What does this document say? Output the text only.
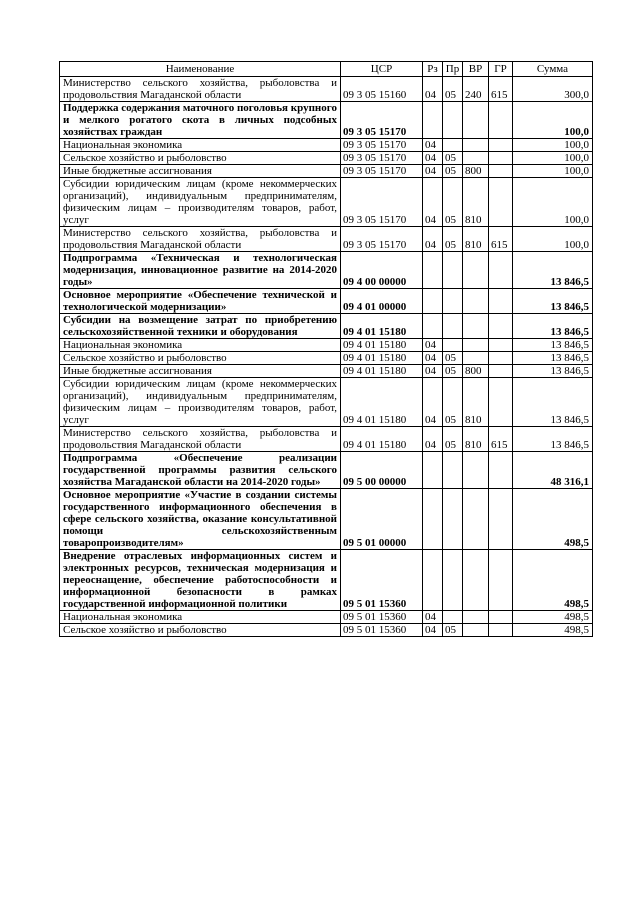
Наименование	ЦСР	Рз	Пр	ВР	ГР	Сумма
Министерство сельского хозяйства, рыболовства и продовольствия Магаданской области	09 3 05 15160	04	05	240	615	300,0
Поддержка содержания маточного поголовья крупного и мелкого рогатого скота в личных подсобных хозяйствах граждан	09 3 05 15170					100,0
Национальная экономика	09 3 05 15170	04				100,0
Сельское хозяйство и рыболовство	09 3 05 15170	04	05			100,0
Иные бюджетные ассигнования	09 3 05 15170	04	05	800		100,0
Субсидии юридическим лицам (кроме некоммерческих организаций), индивидуальным предпринимателям, физическим лицам – производителям товаров, работ, услуг	09 3 05 15170	04	05	810		100,0
Министерство сельского хозяйства, рыболовства и продовольствия Магаданской области	09 3 05 15170	04	05	810	615	100,0
Подпрограмма «Техническая и технологическая модернизация, инновационное развитие на 2014-2020 годы»	09 4 00 00000					13 846,5
Основное мероприятие «Обеспечение технической и технологической модернизации»	09 4 01 00000					13 846,5
Субсидии на возмещение затрат по приобретению сельскохозяйственной техники и оборудования	09 4 01 15180					13 846,5
Национальная экономика	09 4 01 15180	04				13 846,5
Сельское хозяйство и рыболовство	09 4 01 15180	04	05			13 846,5
Иные бюджетные ассигнования	09 4 01 15180	04	05	800		13 846,5
Субсидии юридическим лицам (кроме некоммерческих организаций), индивидуальным предпринимателям, физическим лицам – производителям товаров, работ, услуг	09 4 01 15180	04	05	810		13 846,5
Министерство сельского хозяйства, рыболовства и продовольствия Магаданской области	09 4 01 15180	04	05	810	615	13 846,5
Подпрограмма «Обеспечение реализации государственной программы развития сельского хозяйства Магаданской области на 2014-2020 годы»	09 5 00 00000					48 316,1
Основное мероприятие «Участие в создании системы государственного информационного обеспечения в сфере сельского хозяйства, оказание консультативной помощи сельскохозяйственным товаропроизводителям»	09 5 01 00000					498,5
Внедрение отраслевых информационных систем и электронных ресурсов, техническая модернизация и переоснащение, обеспечение работоспособности и информационной безопасности в рамках государственной информационной политики	09 5 01 15360					498,5
Национальная экономика	09 5 01 15360	04				498,5
Сельское хозяйство и рыболовство	09 5 01 15360	04	05			498,5
